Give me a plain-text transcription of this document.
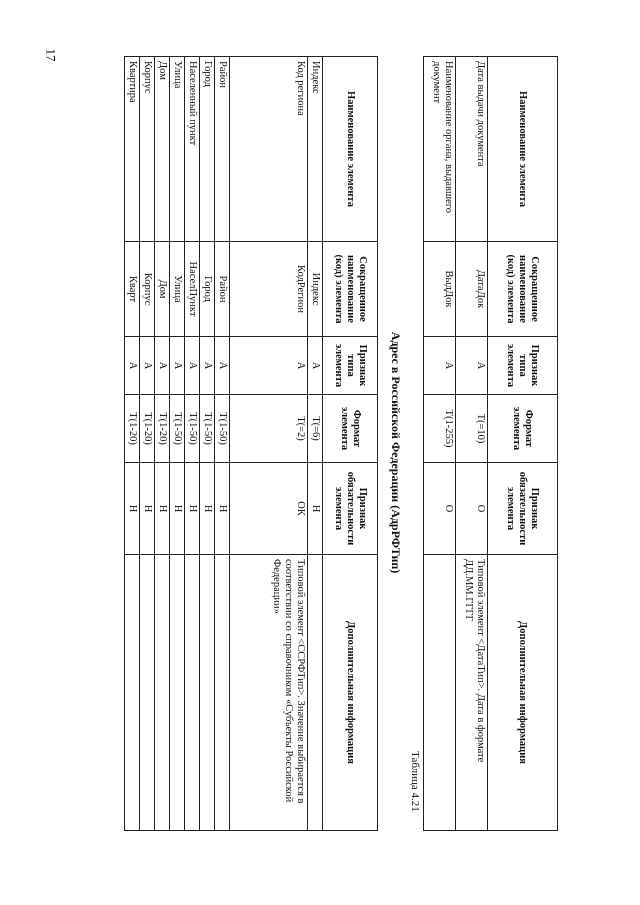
17
Наименование элемента	Сокращенное наименование (код) элемента	Признак типа элемента	Формат элемента	Признак обязательности элемента	Дополнительная информация
Дата выдачи документа	ДатаДок	А	T(=10)	О	Типовой элемент <ДатаТип>. Дата в формате ДД.ММ.ГГГГ
Наименование органа, выдавшего документ	ВыдДок	А	T(1-255)	О	
Таблица 4.21
Адрес в Российской Федерации (АдрРФТип)
Наименование элемента	Сокращенное наименование (код) элемента	Признак типа элемента	Формат элемента	Признак обязательности элемента	Дополнительная информация
Индекс	Индекс	А	T(=6)	Н	
Код региона	КодРегион	А	T(=2)	ОК	Типовой элемент <ССРФТип>. Значение выбирается в соответствии со справочником «Субъекты Российской Федерации»
Район	Район	А	T(1-50)	Н	
Город	Город	А	T(1-50)	Н	
Населенный пункт	НаселПункт	А	T(1-50)	Н	
Улица	Улица	А	T(1-50)	Н	
Дом	Дом	А	T(1-20)	Н	
Корпус	Корпус	А	T(1-20)	Н	
Квартира	Кварт	А	T(1-20)	Н	
